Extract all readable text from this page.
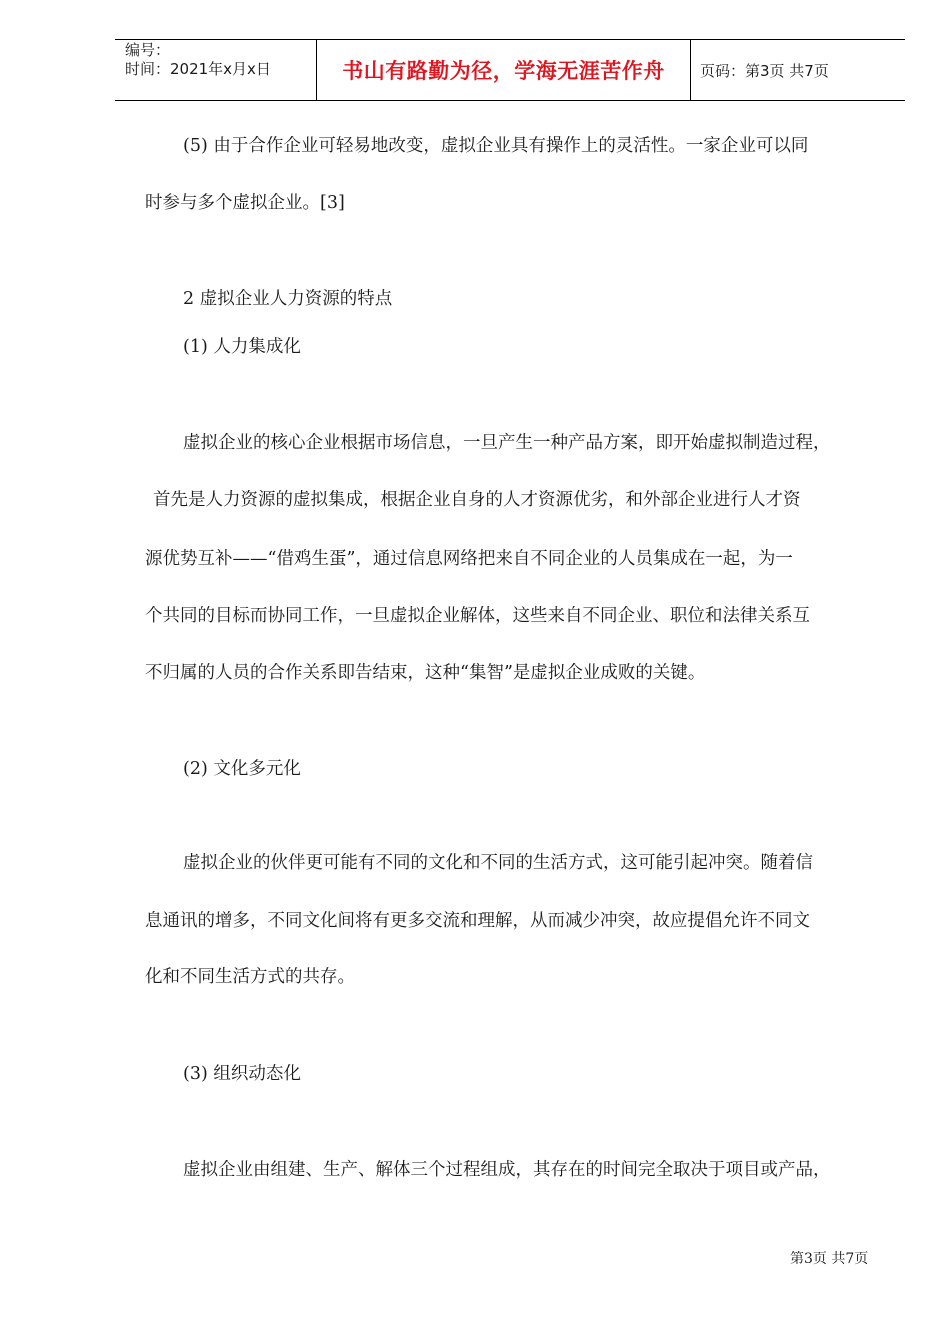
编号：
时间：2021年x月x日	书山有路勤为径，学海无涯苦作舟	页码：第3页 共7页
(5) 由于合作企业可轻易地改变，虚拟企业具有操作上的灵活性。一家企业可以同
时参与多个虚拟企业。[3]
2 虚拟企业人力资源的特点
(1) 人力集成化
虚拟企业的核心企业根据市场信息，一旦产生一种产品方案，即开始虚拟制造过程，
首先是人力资源的虚拟集成，根据企业自身的人才资源优劣，和外部企业进行人才资
源优势互补——“借鸡生蛋”，通过信息网络把来自不同企业的人员集成在一起，为一
个共同的目标而协同工作，一旦虚拟企业解体，这些来自不同企业、职位和法律关系互
不归属的人员的合作关系即告结束，这种“集智”是虚拟企业成败的关键。
(2) 文化多元化
虚拟企业的伙伴更可能有不同的文化和不同的生活方式，这可能引起冲突。随着信
息通讯的增多，不同文化间将有更多交流和理解，从而减少冲突，故应提倡允许不同文
化和不同生活方式的共存。
(3) 组织动态化
虚拟企业由组建、生产、解体三个过程组成，其存在的时间完全取决于项目或产品，
第3页 共7页
